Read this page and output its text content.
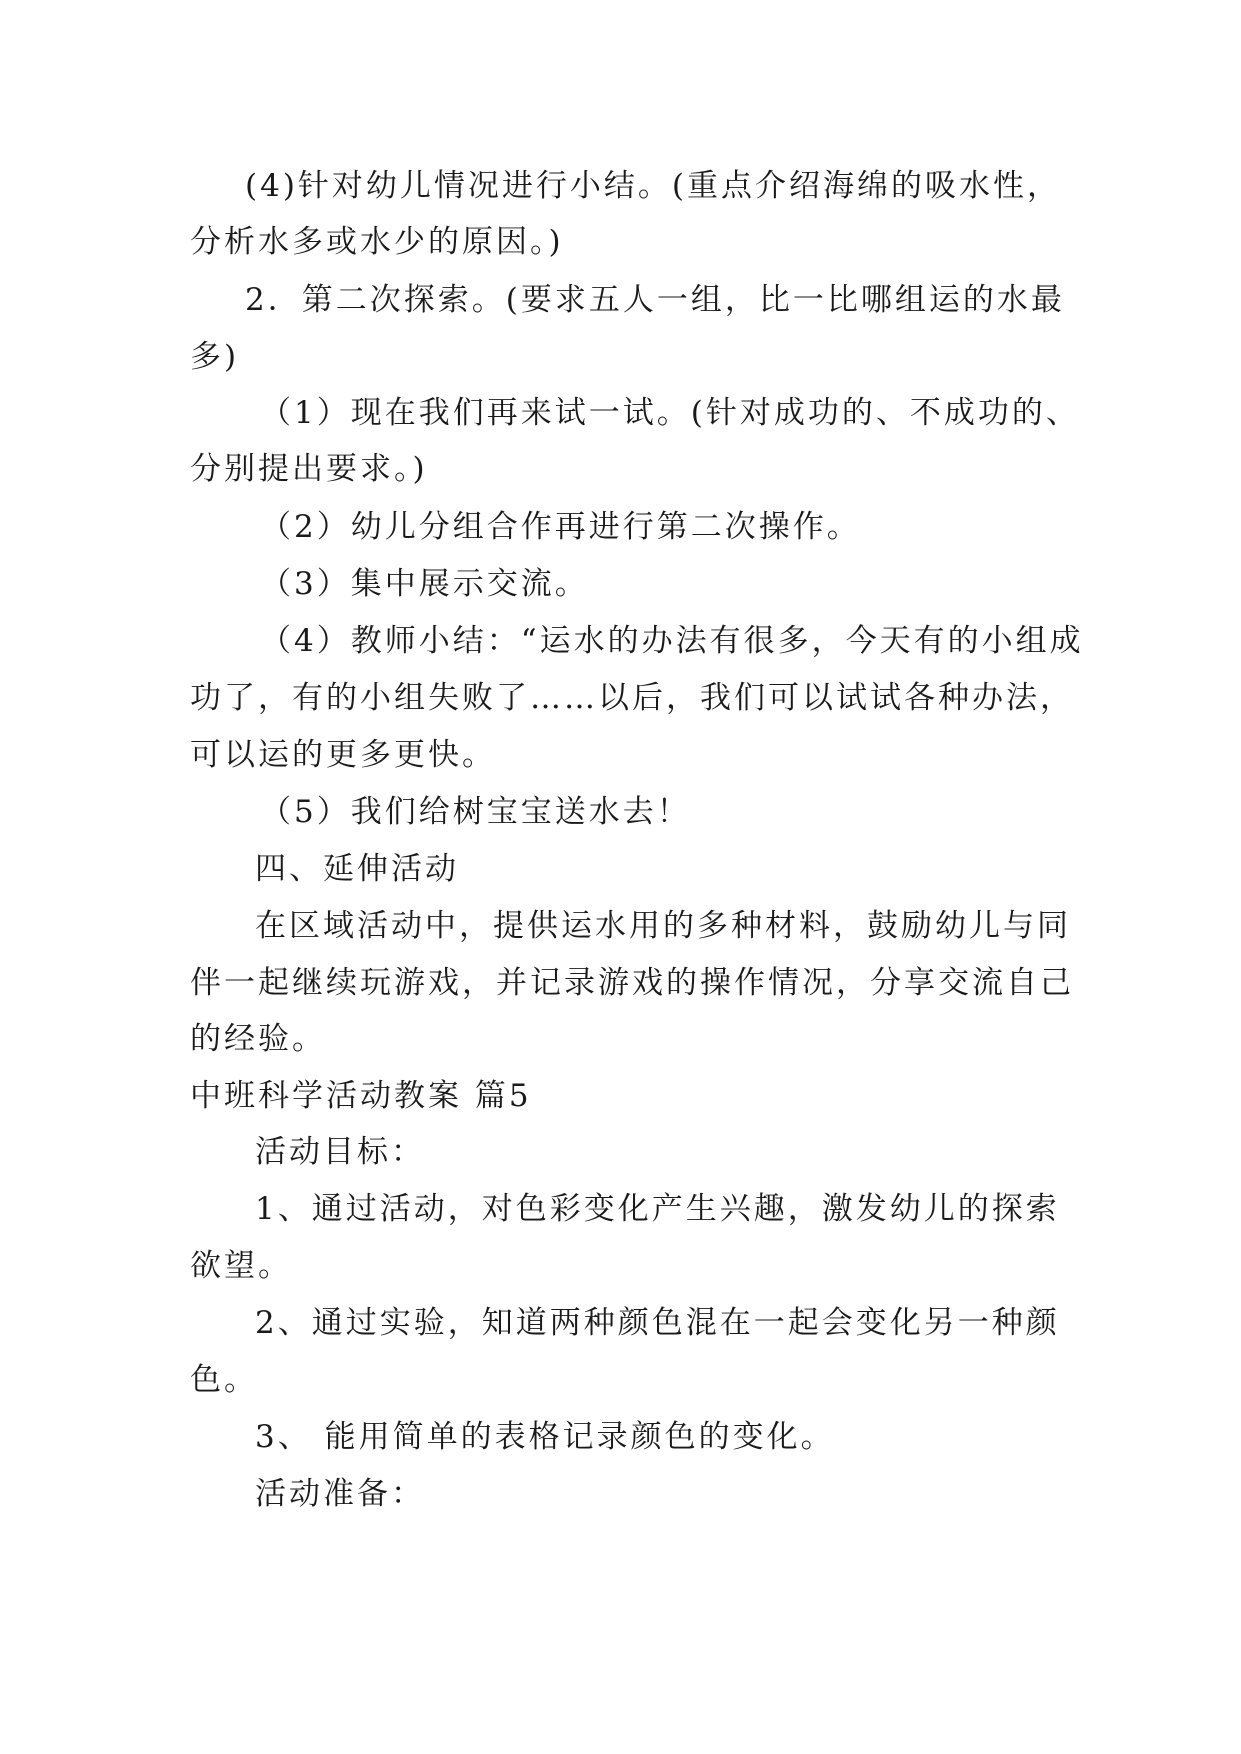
(4)针对幼儿情况进行小结。(重点介绍海绵的吸水性，
分析水多或水少的原因。)
2．第二次探索。(要求五人一组，比一比哪组运的水最
多)
（1）现在我们再来试一试。(针对成功的、不成功的、
分别提出要求。)
（2）幼儿分组合作再进行第二次操作。
（3）集中展示交流。
（4）教师小结：“运水的办法有很多，今天有的小组成
功了，有的小组失败了……以后，我们可以试试各种办法，
可以运的更多更快。
（5）我们给树宝宝送水去！
四、延伸活动
在区域活动中，提供运水用的多种材料，鼓励幼儿与同
伴一起继续玩游戏，并记录游戏的操作情况，分享交流自己
的经验。
中班科学活动教案 篇5
活动目标：
1、通过活动，对色彩变化产生兴趣，激发幼儿的探索
欲望。
2、通过实验，知道两种颜色混在一起会变化另一种颜
色。
3、 能用简单的表格记录颜色的变化。
活动准备：
